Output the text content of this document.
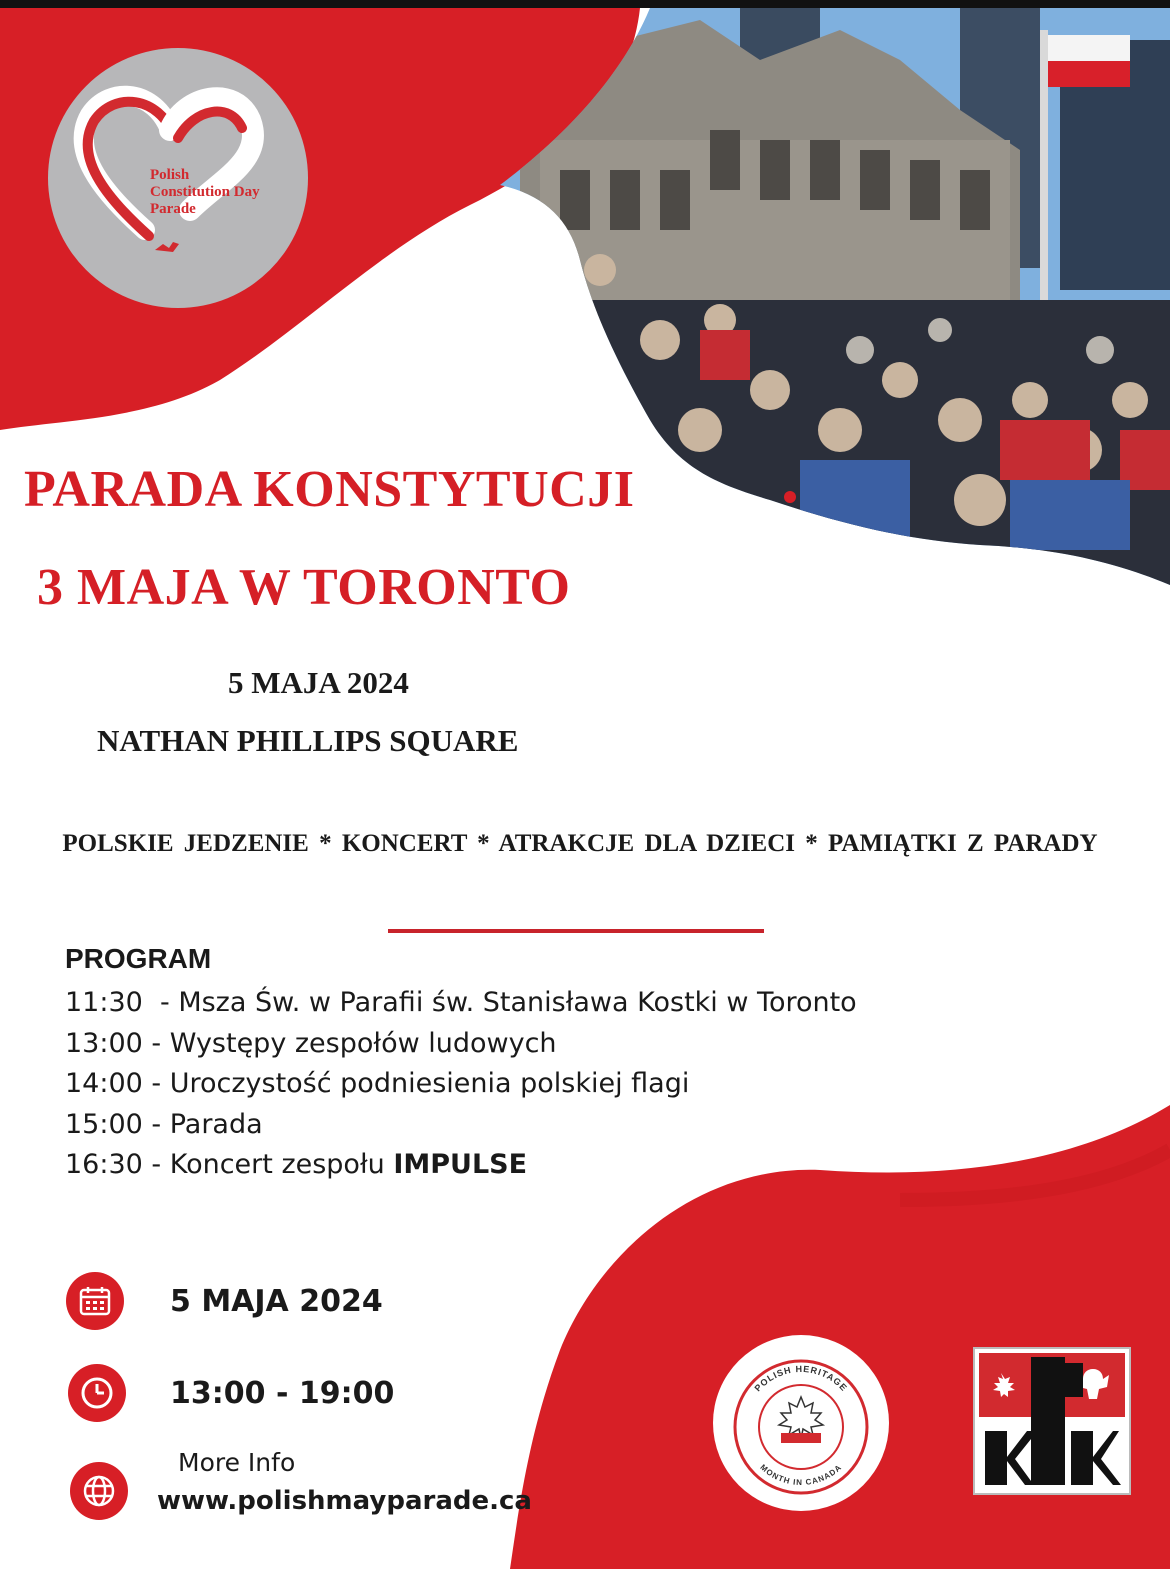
Polish
Constitution Day
Parade
PARADA KONSTYTUCJI
3 MAJA W TORONTO
5 MAJA 2024
NATHAN PHILLIPS SQUARE
POLSKIE JEDZENIE * KONCERT * ATRAKCJE DLA DZIECI * PAMIĄTKI Z PARADY
PROGRAM
11:30  - Msza Św. w Parafii św. Stanisława Kostki w Toronto
13:00 - Występy zespołów ludowych
14:00 - Uroczystość podniesienia polskiej flagi
15:00 - Parada
16:30 - Koncert zespołu IMPULSE
5 MAJA 2024
13:00 - 19:00
More Info
www.polishmayparade.ca
POLISH HERITAGE
MONTH IN CANADA
